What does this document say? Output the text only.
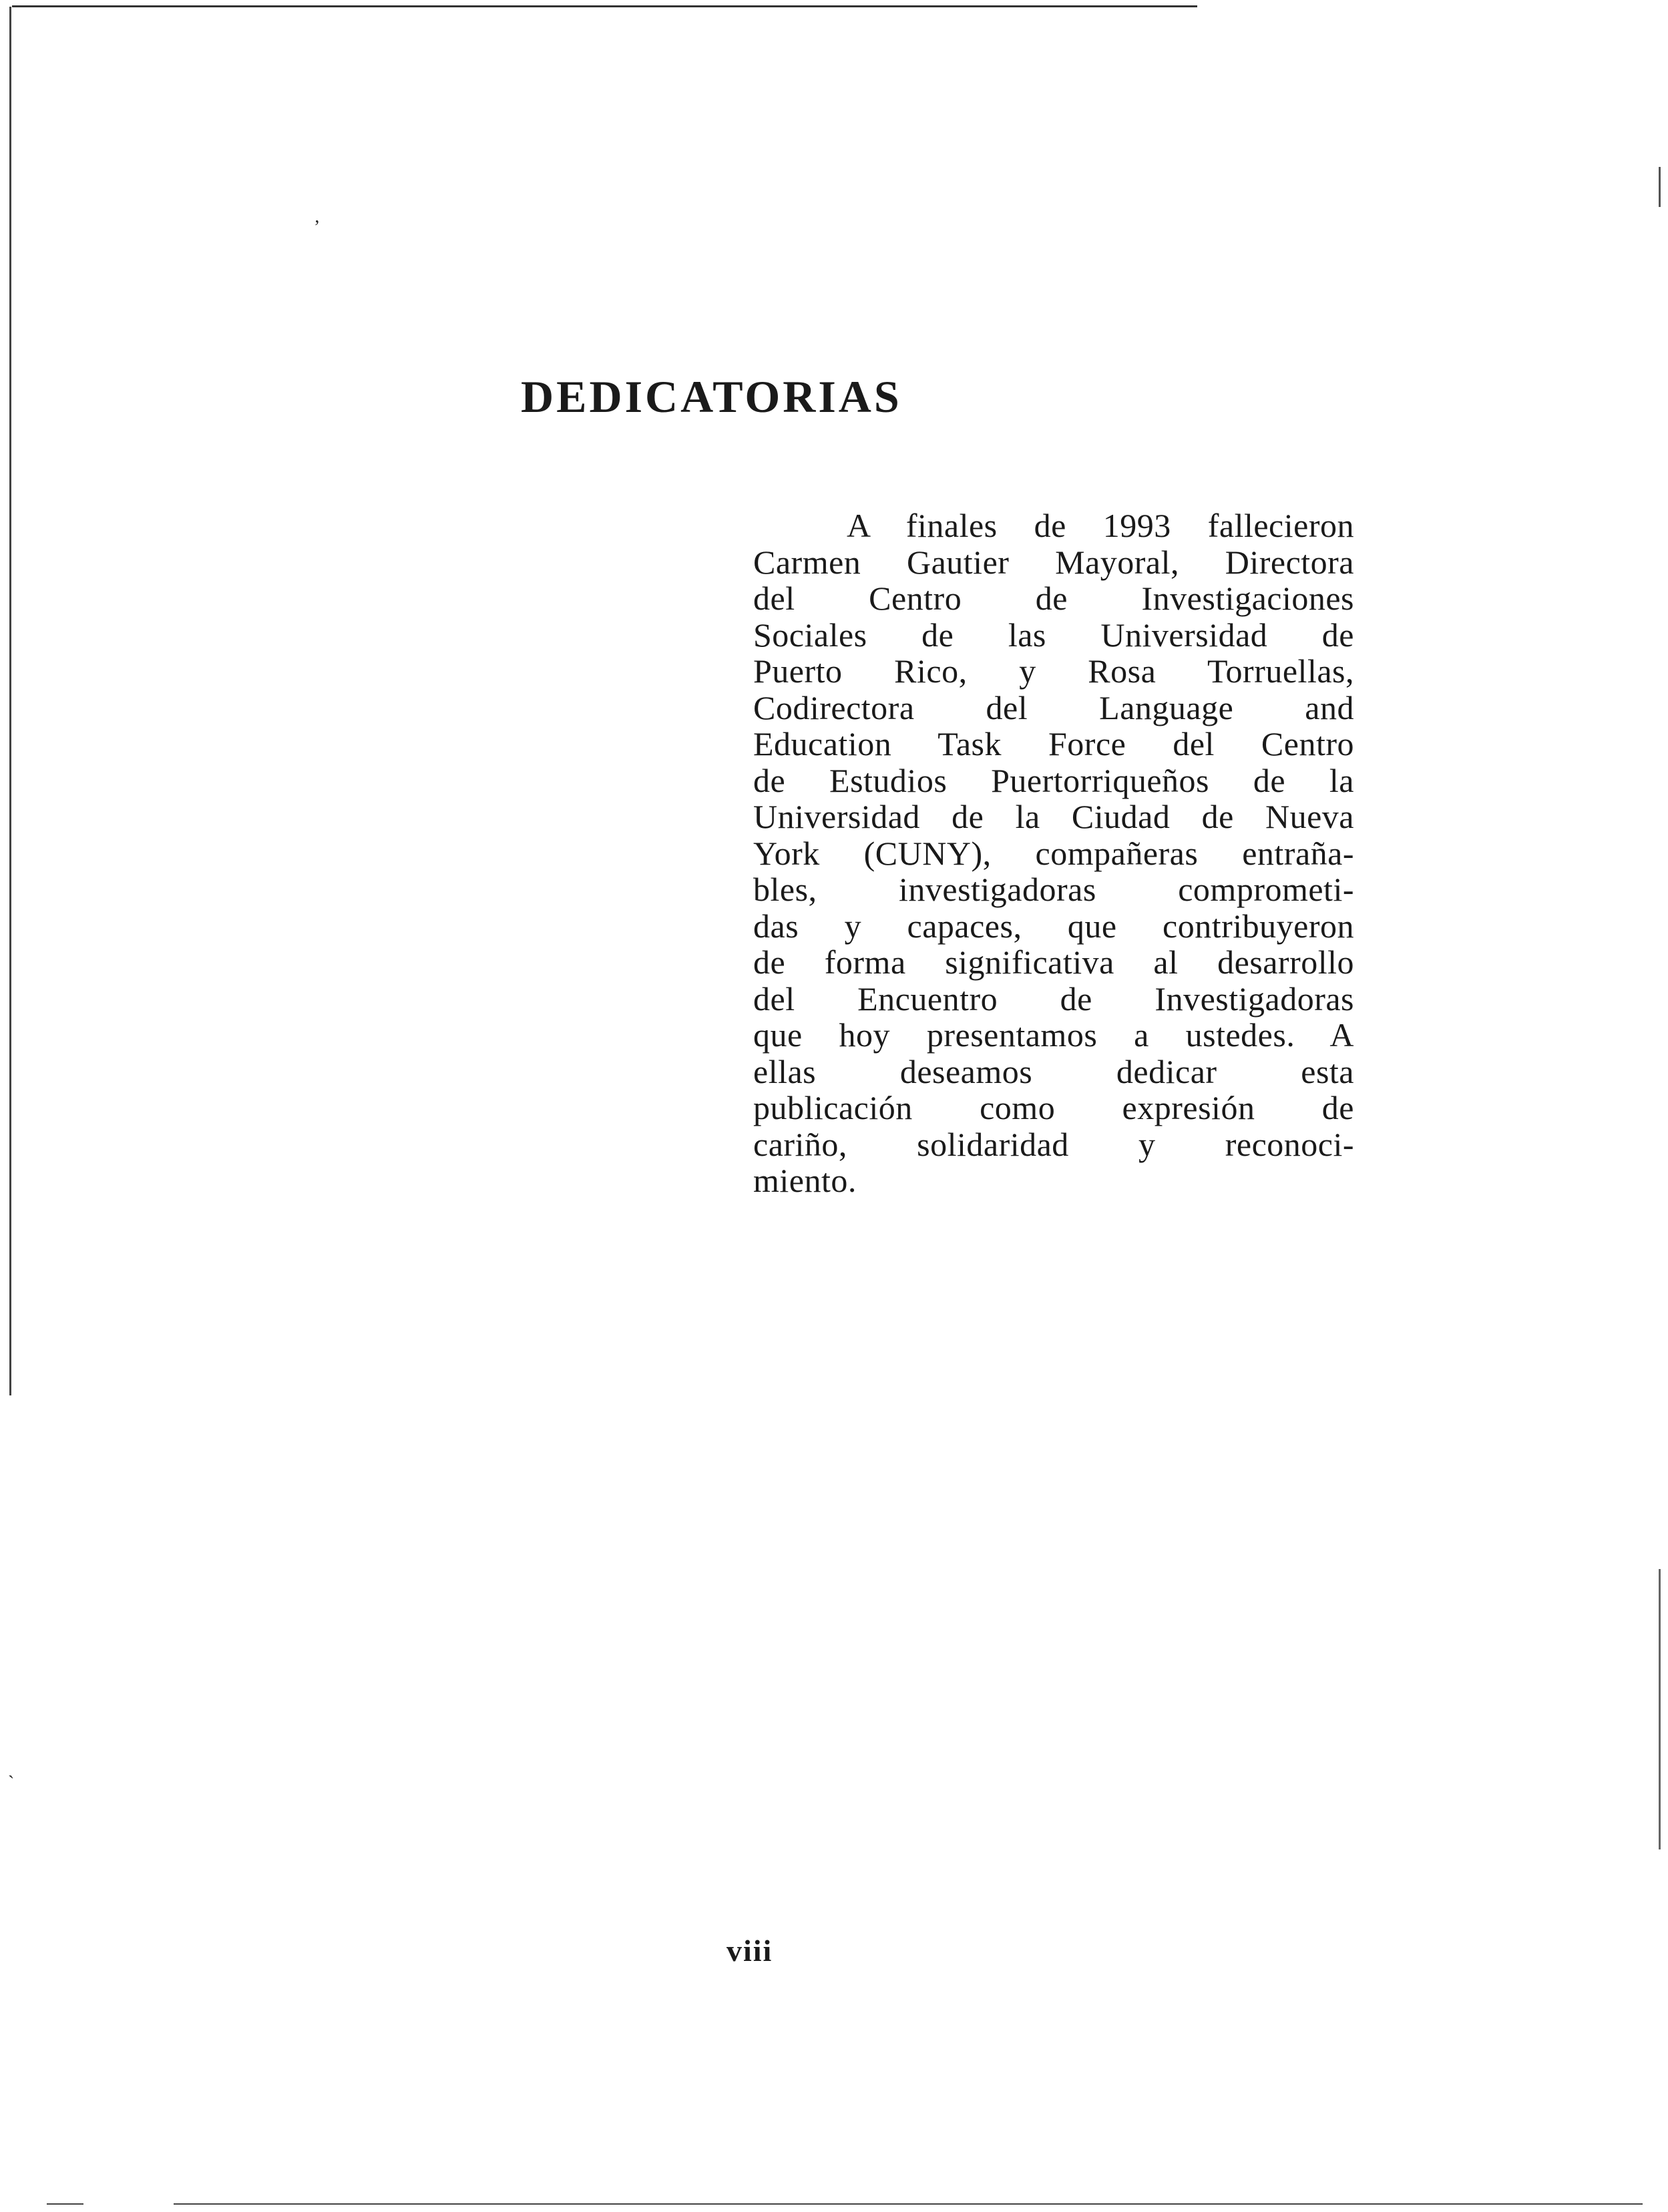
ʼ
ˋ
DEDICATORIAS
A finales de 1993 fallecieron
Carmen Gautier Mayoral, Directora
del Centro de Investigaciones
Sociales de las Universidad de
Puerto Rico, y Rosa Torruellas,
Codirectora del Language and
Education Task Force del Centro
de Estudios Puertorriqueños de la
Universidad de la Ciudad de Nueva
York (CUNY), compañeras entraña-
bles, investigadoras comprometi-
das y capaces, que contribuyeron
de forma significativa al desarrollo
del Encuentro de Investigadoras
que hoy presentamos a ustedes. A
ellas deseamos dedicar esta
publicación como expresión de
cariño, solidaridad y reconoci-
miento.
viii
